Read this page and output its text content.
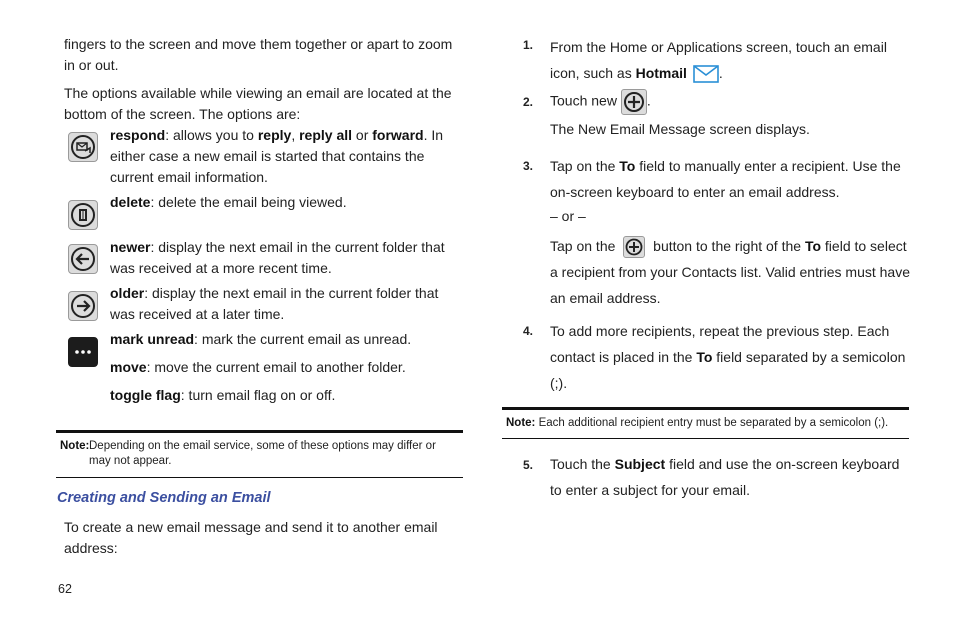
fingers to the screen and move them together or apart to zoom in or out.
The options available while viewing an email are located at the bottom of the screen. The options are:
respond: allows you to reply, reply all or forward. In either case a new email is started that contains the current email information.
delete: delete the email being viewed.
newer: display the next email in the current folder that was received at a more recent time.
older: display the next email in the current folder that was received at a later time.
mark unread: mark the current email as unread.
move: move the current email to another folder.
toggle flag: turn email flag on or off.
Note: Depending on the email service, some of these options may differ or may not appear.
Creating and Sending an Email
To create a new email message and send it to another email address:
62
1. From the Home or Applications screen, touch an email icon, such as Hotmail .
2. Touch new .
The New Email Message screen displays.
3. Tap on the To field to manually enter a recipient. Use the on-screen keyboard to enter an email address.
– or –
Tap on the  button to the right of the To field to select a recipient from your Contacts list. Valid entries must have an email address.
4. To add more recipients, repeat the previous step. Each contact is placed in the To field separated by a semicolon (;).
Note: Each additional recipient entry must be separated by a semicolon (;).
5. Touch the Subject field and use the on-screen keyboard to enter a subject for your email.
